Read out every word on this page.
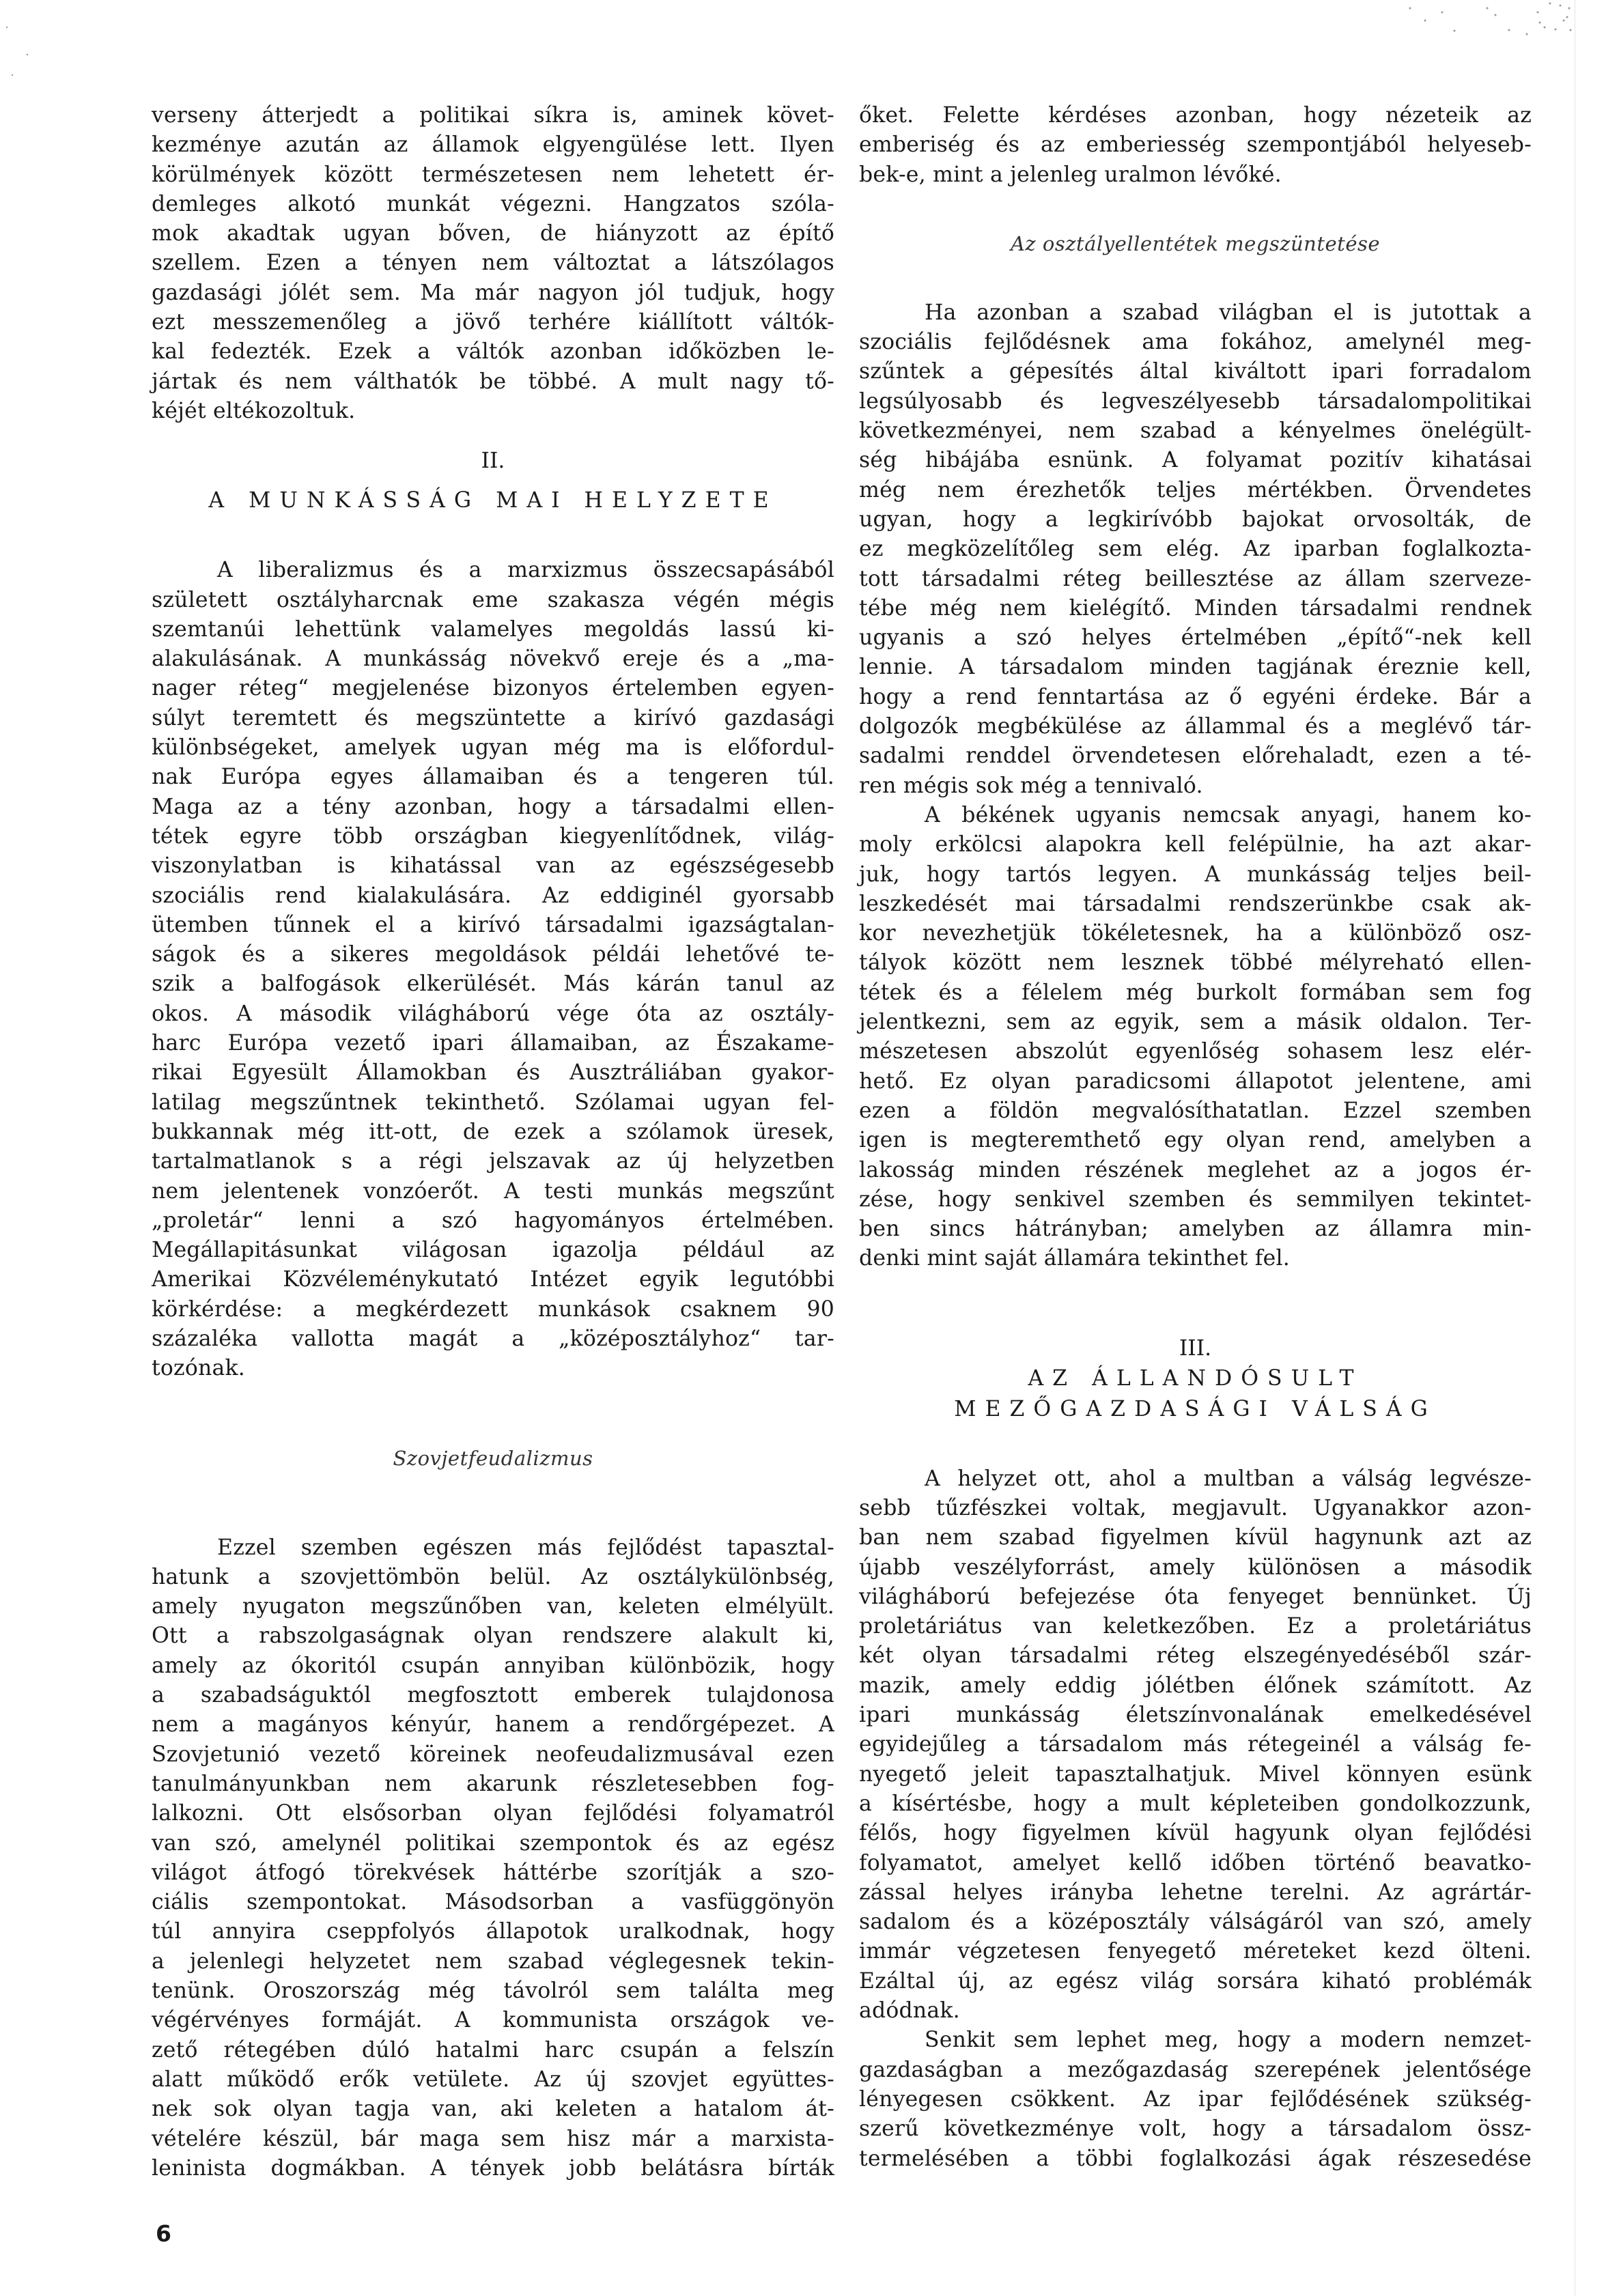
verseny átterjedt a politikai síkra is, aminek követ-
kezménye azután az államok elgyengülése lett. Ilyen
körülmények között természetesen nem lehetett ér-
demleges alkotó munkát végezni. Hangzatos szóla-
mok akadtak ugyan bőven, de hiányzott az építő
szellem. Ezen a tényen nem változtat a látszólagos
gazdasági jólét sem. Ma már nagyon jól tudjuk, hogy
ezt messzemenőleg a jövő terhére kiállított váltók-
kal fedezték. Ezek a váltók azonban időközben le-
jártak és nem válthatók be többé. A mult nagy tő-
kéjét eltékozoltuk.
II.
A MUNKÁSSÁG MAI HELYZETE
A liberalizmus és a marxizmus összecsapásából
született osztályharcnak eme szakasza végén mégis
szemtanúi lehettünk valamelyes megoldás lassú ki-
alakulásának. A munkásság növekvő ereje és a „ma-
nager réteg“ megjelenése bizonyos értelemben egyen-
súlyt teremtett és megszüntette a kirívó gazdasági
különbségeket, amelyek ugyan még ma is előfordul-
nak Európa egyes államaiban és a tengeren túl.
Maga az a tény azonban, hogy a társadalmi ellen-
tétek egyre több országban kiegyenlítődnek, világ-
viszonylatban is kihatással van az egészségesebb
szociális rend kialakulására. Az eddiginél gyorsabb
ütemben tűnnek el a kirívó társadalmi igazságtalan-
ságok és a sikeres megoldások példái lehetővé te-
szik a balfogások elkerülését. Más kárán tanul az
okos. A második világháború vége óta az osztály-
harc Európa vezető ipari államaiban, az Északame-
rikai Egyesült Államokban és Ausztráliában gyakor-
latilag megszűntnek tekinthető. Szólamai ugyan fel-
bukkannak még itt-ott, de ezek a szólamok üresek,
tartalmatlanok s a régi jelszavak az új helyzetben
nem jelentenek vonzóerőt. A testi munkás megszűnt
„proletár“ lenni a szó hagyományos értelmében.
Megállapitásunkat világosan igazolja például az
Amerikai Közvéleménykutató Intézet egyik legutóbbi
körkérdése: a megkérdezett munkások csaknem 90
százaléka vallotta magát a „középosztályhoz“ tar-
tozónak.
Szovjetfeudalizmus
Ezzel szemben egészen más fejlődést tapasztal-
hatunk a szovjettömbön belül. Az osztálykülönbség,
amely nyugaton megszűnőben van, keleten elmélyült.
Ott a rabszolgaságnak olyan rendszere alakult ki,
amely az ókoritól csupán annyiban különbözik, hogy
a szabadságuktól megfosztott emberek tulajdonosa
nem a magányos kényúr, hanem a rendőrgépezet. A
Szovjetunió vezető köreinek neofeudalizmusával ezen
tanulmányunkban nem akarunk részletesebben fog-
lalkozni. Ott elsősorban olyan fejlődési folyamatról
van szó, amelynél politikai szempontok és az egész
világot átfogó törekvések háttérbe szorítják a szo-
ciális szempontokat. Másodsorban a vasfüggönyön
túl annyira cseppfolyós állapotok uralkodnak, hogy
a jelenlegi helyzetet nem szabad véglegesnek tekin-
tenünk. Oroszország még távolról sem találta meg
végérvényes formáját. A kommunista országok ve-
zető rétegében dúló hatalmi harc csupán a felszín
alatt működő erők vetülete. Az új szovjet együttes-
nek sok olyan tagja van, aki keleten a hatalom át-
vételére készül, bár maga sem hisz már a marxista-
leninista dogmákban. A tények jobb belátásra bírták
őket. Felette kérdéses azonban, hogy nézeteik az
emberiség és az emberiesség szempontjából helyeseb-
bek-e, mint a jelenleg uralmon lévőké.
Az osztályellentétek megszüntetése
Ha azonban a szabad világban el is jutottak a
szociális fejlődésnek ama fokához, amelynél meg-
szűntek a gépesítés által kiváltott ipari forradalom
legsúlyosabb és legveszélyesebb társadalompolitikai
következményei, nem szabad a kényelmes önelégült-
ség hibájába esnünk. A folyamat pozitív kihatásai
még nem érezhetők teljes mértékben. Örvendetes
ugyan, hogy a legkirívóbb bajokat orvosolták, de
ez megközelítőleg sem elég. Az iparban foglalkozta-
tott társadalmi réteg beillesztése az állam szerveze-
tébe még nem kielégítő. Minden társadalmi rendnek
ugyanis a szó helyes értelmében „építő“-nek kell
lennie. A társadalom minden tagjának éreznie kell,
hogy a rend fenntartása az ő egyéni érdeke. Bár a
dolgozók megbékülése az állammal és a meglévő tár-
sadalmi renddel örvendetesen előrehaladt, ezen a té-
ren mégis sok még a tennivaló.
A békének ugyanis nemcsak anyagi, hanem ko-
moly erkölcsi alapokra kell felépülnie, ha azt akar-
juk, hogy tartós legyen. A munkásság teljes beil-
leszkedését mai társadalmi rendszerünkbe csak ak-
kor nevezhetjük tökéletesnek, ha a különböző osz-
tályok között nem lesznek többé mélyreható ellen-
tétek és a félelem még burkolt formában sem fog
jelentkezni, sem az egyik, sem a másik oldalon. Ter-
mészetesen abszolút egyenlőség sohasem lesz elér-
hető. Ez olyan paradicsomi állapotot jelentene, ami
ezen a földön megvalósíthatatlan. Ezzel szemben
igen is megteremthető egy olyan rend, amelyben a
lakosság minden részének meglehet az a jogos ér-
zése, hogy senkivel szemben és semmilyen tekintet-
ben sincs hátrányban; amelyben az államra min-
denki mint saját államára tekinthet fel.
III.
AZ ÁLLANDÓSULT
MEZŐGAZDASÁGI VÁLSÁG
A helyzet ott, ahol a multban a válság legvésze-
sebb tűzfészkei voltak, megjavult. Ugyanakkor azon-
ban nem szabad figyelmen kívül hagynunk azt az
újabb veszélyforrást, amely különösen a második
világháború befejezése óta fenyeget bennünket. Új
proletáriátus van keletkezőben. Ez a proletáriátus
két olyan társadalmi réteg elszegényedéséből szár-
mazik, amely eddig jólétben élőnek számított. Az
ipari munkásság életszínvonalának emelkedésével
egyidejűleg a társadalom más rétegeinél a válság fe-
nyegető jeleit tapasztalhatjuk. Mivel könnyen esünk
a kísértésbe, hogy a mult képleteiben gondolkozzunk,
félős, hogy figyelmen kívül hagyunk olyan fejlődési
folyamatot, amelyet kellő időben történő beavatko-
zással helyes irányba lehetne terelni. Az agrártár-
sadalom és a középosztály válságáról van szó, amely
immár végzetesen fenyegető méreteket kezd ölteni.
Ezáltal új, az egész világ sorsára kiható problémák
adódnak.
Senkit sem lephet meg, hogy a modern nemzet-
gazdaságban a mezőgazdaság szerepének jelentősége
lényegesen csökkent. Az ipar fejlődésének szükség-
szerű következménye volt, hogy a társadalom össz-
termelésében a többi foglalkozási ágak részesedése
6
